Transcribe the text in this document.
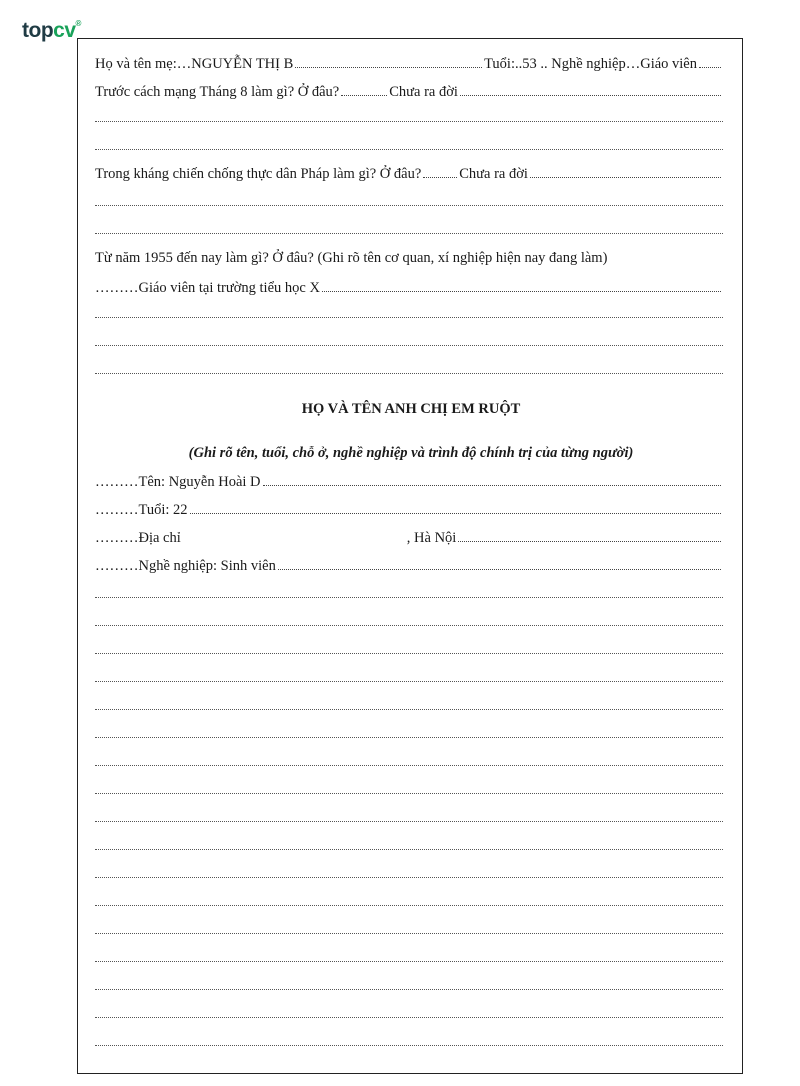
topcv®
Họ và tên mẹ:… NGUYỄN THỊ B	Tuổi:.. 53 .. Nghề nghiệp… Giáo viên
Trước cách mạng Tháng 8 làm gì? Ở đâu?	Chưa ra đời
Trong kháng chiến chống thực dân Pháp làm gì? Ở đâu?	Chưa ra đời
Từ năm 1955 đến nay làm gì? Ở đâu? (Ghi rõ tên cơ quan, xí nghiệp hiện nay đang làm)
……… Giáo viên tại trường tiểu học X
HỌ VÀ TÊN ANH CHỊ EM RUỘT
(Ghi rõ tên, tuổi, chỗ ở, nghề nghiệp và trình độ chính trị của từng người)
……… Tên: Nguyễn Hoài D
……… Tuổi: 22
……… Địa chỉ	, Hà Nội
……… Nghề nghiệp: Sinh viên
